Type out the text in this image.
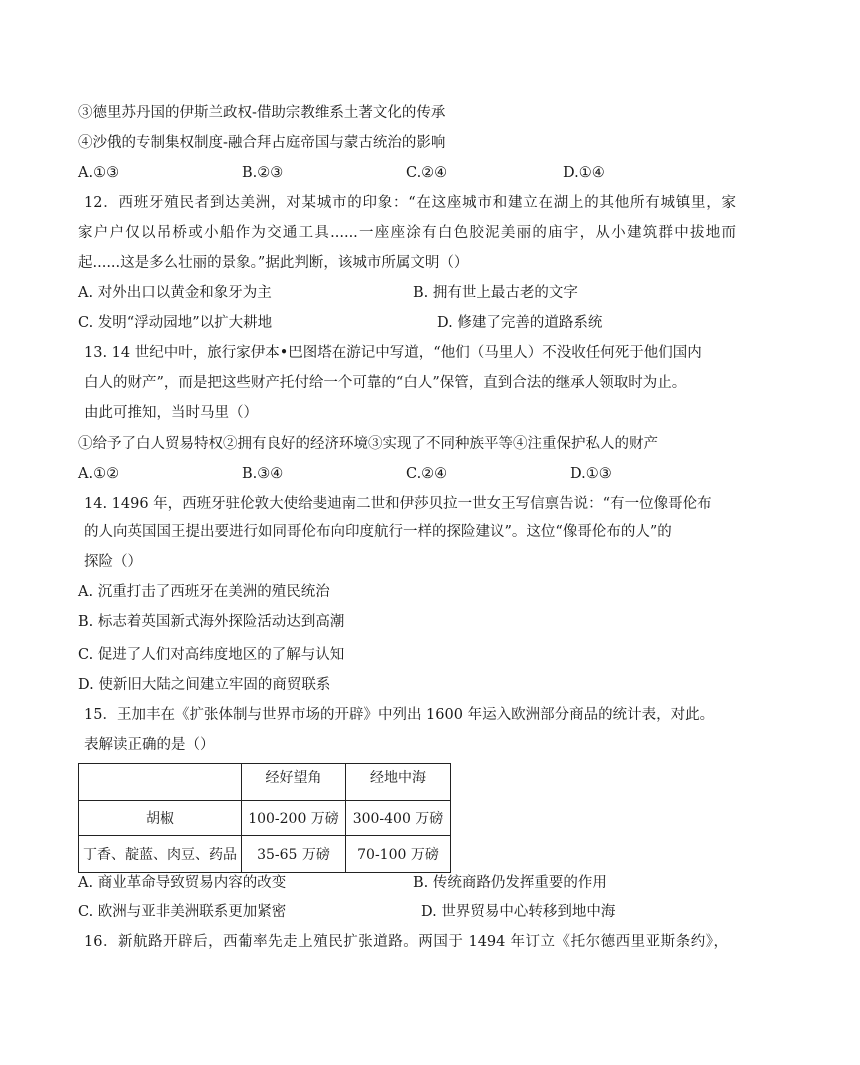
③德里苏丹国的伊斯兰政权-借助宗教维系土著文化的传承
④沙俄的专制集权制度-融合拜占庭帝国与蒙古统治的影响
A.①③	B.②③	C.②④	D.①④
12．西班牙殖民者到达美洲，对某城市的印象：“在这座城市和建立在湖上的其他所有城镇里，家
家户户仅以吊桥或小船作为交通工具......一座座涂有白色胶泥美丽的庙宇，从小建筑群中拔地而
起......这是多么壮丽的景象。”据此判断，该城市所属文明（）
A. 对外出口以黄金和象牙为主	B. 拥有世上最古老的文字
C. 发明“浮动园地”以扩大耕地	D. 修建了完善的道路系统
13. 14 世纪中叶，旅行家伊本•巴图塔在游记中写道，“他们（马里人）不没收任何死于他们国内
白人的财产”，而是把这些财产托付给一个可靠的“白人”保管，直到合法的继承人领取时为止。
由此可推知，当时马里（）
①给予了白人贸易特权②拥有良好的经济环境③实现了不同种族平等④注重保护私人的财产
A.①②	B.③④	C.②④	D.①③
14. 1496 年，西班牙驻伦敦大使给斐迪南二世和伊莎贝拉一世女王写信禀告说：“有一位像哥伦布
的人向英国国王提出要进行如同哥伦布向印度航行一样的探险建议”。这位“像哥伦布的人”的
探险（）
A. 沉重打击了西班牙在美洲的殖民统治
B. 标志着英国新式海外探险活动达到高潮
C. 促进了人们对高纬度地区的了解与认知
D. 使新旧大陆之间建立牢固的商贸联系
15．王加丰在《扩张体制与世界市场的开辟》中列出 1600 年运入欧洲部分商品的统计表，对此。
表解读正确的是（）
	经好望角	经地中海
胡椒	100-200 万磅	300-400 万磅
丁香、靛蓝、肉豆、药品	35-65 万磅	70-100 万磅
A. 商业革命导致贸易内容的改变	B. 传统商路仍发挥重要的作用
C. 欧洲与亚非美洲联系更加紧密	D. 世界贸易中心转移到地中海
16．新航路开辟后，西葡率先走上殖民扩张道路。两国于 1494 年订立《托尔德西里亚斯条约》，
